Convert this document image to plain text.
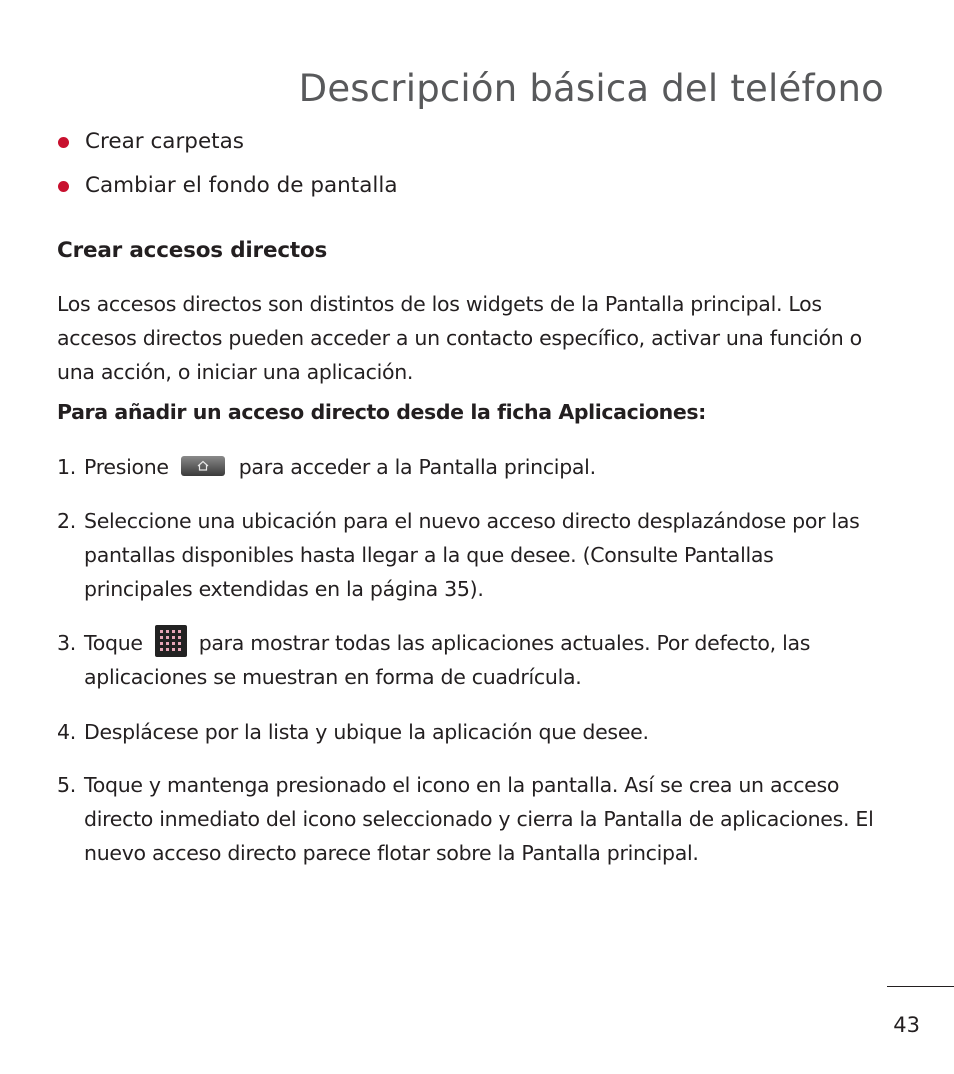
Descripción básica del teléfono
Crear carpetas
Cambiar el fondo de pantalla
Crear accesos directos

Los accesos directos son distintos de los widgets de la Pantalla principal. Los accesos directos pueden acceder a un contacto específico, activar una función o una acción, o iniciar una aplicación.

Para añadir un acceso directo desde la ficha Aplicaciones:
1. Presione	para acceder a la Pantalla principal.
2. Seleccione una ubicación para el nuevo acceso directo desplazándose por las pantallas disponibles hasta llegar a la que desee. (Consulte Pantallas principales extendidas en la página 35).
3. Toque	para mostrar todas las aplicaciones actuales. Por defecto, las aplicaciones se muestran en forma de cuadrícula.
4. Desplácese por la lista y ubique la aplicación que desee.
5. Toque y mantenga presionado el icono en la pantalla. Así se crea un acceso directo inmediato del icono seleccionado y cierra la Pantalla de aplicaciones. El nuevo acceso directo parece flotar sobre la Pantalla principal.
43
